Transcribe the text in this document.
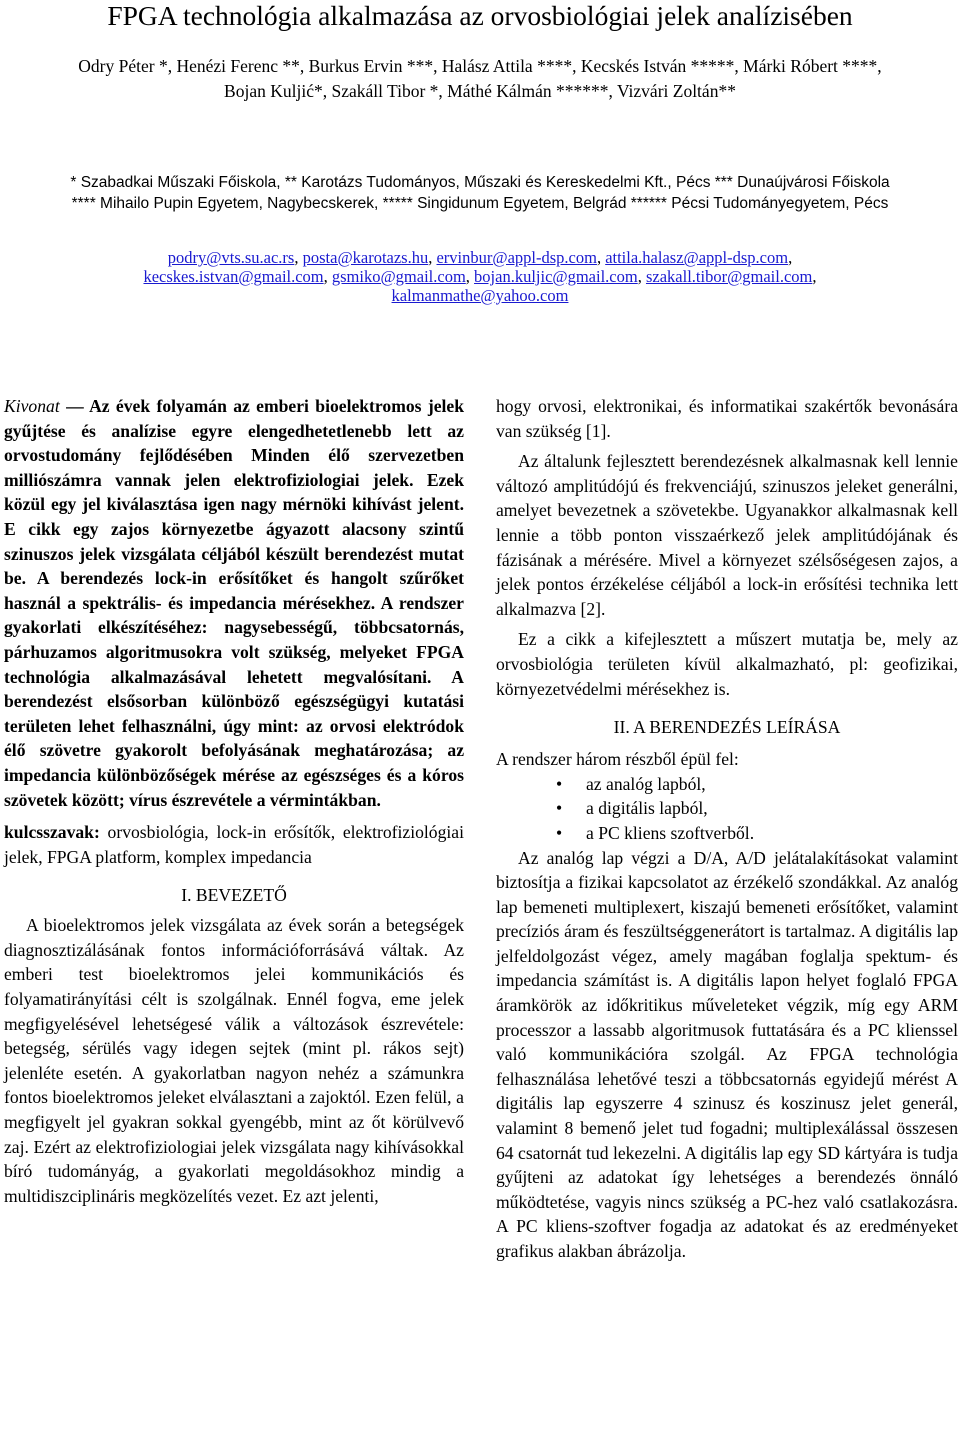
FPGA technológia alkalmazása az orvosbiológiai jelek analízisében
Odry Péter *, Henézi Ferenc **, Burkus Ervin ***, Halász Attila ****, Kecskés István *****, Márki Róbert ****, Bojan Kuljić*, Szakáll Tibor *, Máthé Kálmán ******, Vizvári Zoltán**
* Szabadkai Műszaki Főiskola, ** Karotázs Tudományos, Műszaki és Kereskedelmi Kft., Pécs *** Dunaújvárosi Főiskola **** Mihailo Pupin Egyetem, Nagybecskerek, ***** Singidunum Egyetem, Belgrád ****** Pécsi Tudományegyetem, Pécs
podry@vts.su.ac.rs, posta@karotazs.hu, ervinbur@appl-dsp.com, attila.halasz@appl-dsp.com,
kecskes.istvan@gmail.com, gsmiko@gmail.com, bojan.kuljic@gmail.com, szakall.tibor@gmail.com,
kalmanmathe@yahoo.com

Kivonat — Az évek folyamán az emberi bioelektromos jelek gyűjtése és analízise egyre elengedhetetlenebb lett az orvostudomány fejlődésében Minden élő szervezetben milliószámra vannak jelen elektrofiziologiai jelek. Ezek közül egy jel kiválasztása igen nagy mérnöki kihívást jelent. E cikk egy zajos környezetbe ágyazott alacsony szintű szinuszos jelek vizsgálata céljából készült berendezést mutat be. A berendezés lock-in erősítőket és hangolt szűrőket használ a spektrális- és impedancia mérésekhez. A rendszer gyakorlati elkészítéséhez: nagysebességű, többcsatornás, párhuzamos algoritmusokra volt szükség, melyeket FPGA technológia alkalmazásával lehetett megvalósítani. A berendezést elsősorban különböző egészségügyi kutatási területen lehet felhasználni, úgy mint: az orvosi elektródok élő szövetre gyakorolt befolyásának meghatározása; az impedancia különbözőségek mérése az egészséges és a kóros szövetek között; vírus észrevétele a vérmintákban.

kulcsszavak: orvosbiológia, lock-in erősítők, elektrofiziológiai jelek, FPGA platform, komplex impedancia

I. BEVEZETŐ

A bioelektromos jelek vizsgálata az évek során a betegségek diagnosztizálásának fontos információforrásává váltak. Az emberi test bioelektromos jelei kommunikációs és folyamatirányítási célt is szolgálnak. Ennél fogva, eme jelek megfigyelésével lehetségesé válik a változások észrevétele: betegség, sérülés vagy idegen sejtek (mint pl. rákos sejt) jelenléte esetén. A gyakorlatban nagyon nehéz a számunkra fontos bioelektromos jeleket elválasztani a zajoktól. Ezen felül, a megfigyelt jel gyakran sokkal gyengébb, mint az őt körülvevő zaj. Ezért az elektrofiziologiai jelek vizsgálata nagy kihívásokkal bíró tudományág, a gyakorlati megoldásokhoz mindig a multidiszciplináris megközelítés vezet. Ez azt jelenti,

hogy orvosi, elektronikai, és informatikai szakértők bevonására van szükség [1].

Az általunk fejlesztett berendezésnek alkalmasnak kell lennie változó amplitúdójú és frekvenciájú, szinuszos jeleket generálni, amelyet bevezetnek a szövetekbe. Ugyanakkor alkalmasnak kell lennie a több ponton visszaérkező jelek amplitúdójának és fázisának a mérésére. Mivel a környezet szélsőségesen zajos, a jelek pontos érzékelése céljából a lock-in erősítési technika lett alkalmazva [2].

Ez a cikk a kifejlesztett a műszert mutatja be, mely az orvosbiológia területen kívül alkalmazható, pl: geofizikai, környezetvédelmi mérésekhez is.

II. A BERENDEZÉS LEÍRÁSA

A rendszer három részből épül fel:

• az analóg lapból,
• a digitális lapból,
• a PC kliens szoftverből.

Az analóg lap végzi a D/A, A/D jelátalakításokat valamint biztosítja a fizikai kapcsolatot az érzékelő szondákkal. Az analóg lap bemeneti multiplexert, kiszajú bemeneti erősítőket, valamint precíziós áram és feszültséggenerátort is tartalmaz. A digitális lap jelfeldolgozást végez, amely magában foglalja spektum- és impedancia számítást is. A digitális lapon helyet foglaló FPGA áramkörök az időkritikus műveleteket végzik, míg egy ARM processzor a lassabb algoritmusok futtatására és a PC klienssel való kommunikációra szolgál. Az FPGA technológia felhasználása lehetővé teszi a többcsatornás egyidejű mérést A digitális lap egyszerre 4 szinusz és koszinusz jelet generál, valamint 8 bemenő jelet tud fogadni; multiplexálással összesen 64 csatornát tud lekezelni. A digitális lap egy SD kártyára is tudja gyűjteni az adatokat így lehetséges a berendezés önnáló működtetése, vagyis nincs szükség a PC-hez való csatlakozásra. A PC kliens-szoftver fogadja az adatokat és az eredményeket grafikus alakban ábrázolja.
